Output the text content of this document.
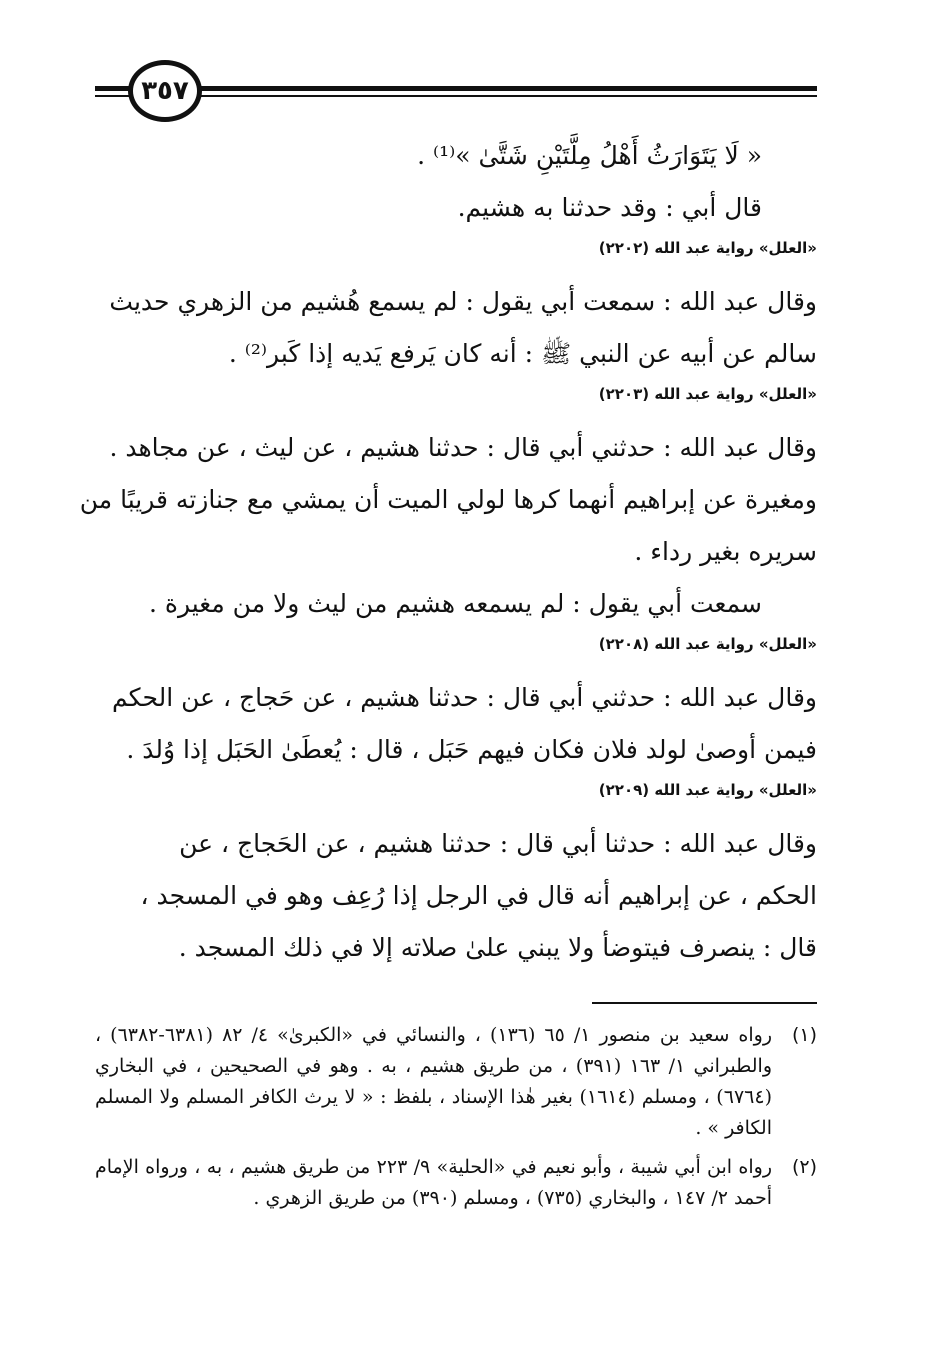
٣٥٧
« لَا يَتَوَارَثُ أَهْلُ مِلَّتَيْنِ شَتَّىٰ »⁽¹⁾ .
قال أبي : وقد حدثنا به هشيم.
«العلل» رواية عبد الله (٢٢٠٢)
وقال عبد الله : سمعت أبي يقول : لم يسمع هُشيم من الزهري حديث
سالم عن أبيه عن النبي ﷺ : أنه كان يَرفع يَديه إذا كَبر⁽²⁾ .
«العلل» رواية عبد الله (٢٢٠٣)
وقال عبد الله : حدثني أبي قال : حدثنا هشيم ، عن ليث ، عن مجاهد .
ومغيرة عن إبراهيم أنهما كرها لولي الميت أن يمشي مع جنازته قريبًا من
سريره بغير رداء .
سمعت أبي يقول : لم يسمعه هشيم من ليث ولا من مغيرة .
«العلل» رواية عبد الله (٢٢٠٨)
وقال عبد الله : حدثني أبي قال : حدثنا هشيم ، عن حَجاج ، عن الحكم
فيمن أوصىٰ لولد فلان فكان فيهم حَبَل ، قال : يُعطَىٰ الحَبَل إذا وُلدَ .
«العلل» رواية عبد الله (٢٢٠٩)
وقال عبد الله : حدثنا أبي قال : حدثنا هشيم ، عن الحَجاج ، عن
الحكم ، عن إبراهيم أنه قال في الرجل إذا رُعِف وهو في المسجد ،
قال : ينصرف فيتوضأ ولا يبني علىٰ صلاته إلا في ذلك المسجد .
(١)
رواه سعيد بن منصور ١/ ٦٥ (١٣٦) ، والنسائي في «الكبرىٰ» ٤/ ٨٢ (٦٣٨١-٦٣٨٢) ، والطبراني ١/ ١٦٣ (٣٩١) ، من طريق هشيم ، به . وهو في الصحيحين ، في البخاري (٦٧٦٤) ، ومسلم (١٦١٤) بغير هٰذا الإسناد ، بلفظ : « لا يرث الكافر المسلم ولا المسلم الكافر » .
(٢)
رواه ابن أبي شيبة ، وأبو نعيم في «الحلية» ٩/ ٢٢٣ من طريق هشيم ، به ، ورواه الإمام أحمد ٢/ ١٤٧ ، والبخاري (٧٣٥) ، ومسلم (٣٩٠) من طريق الزهري .
